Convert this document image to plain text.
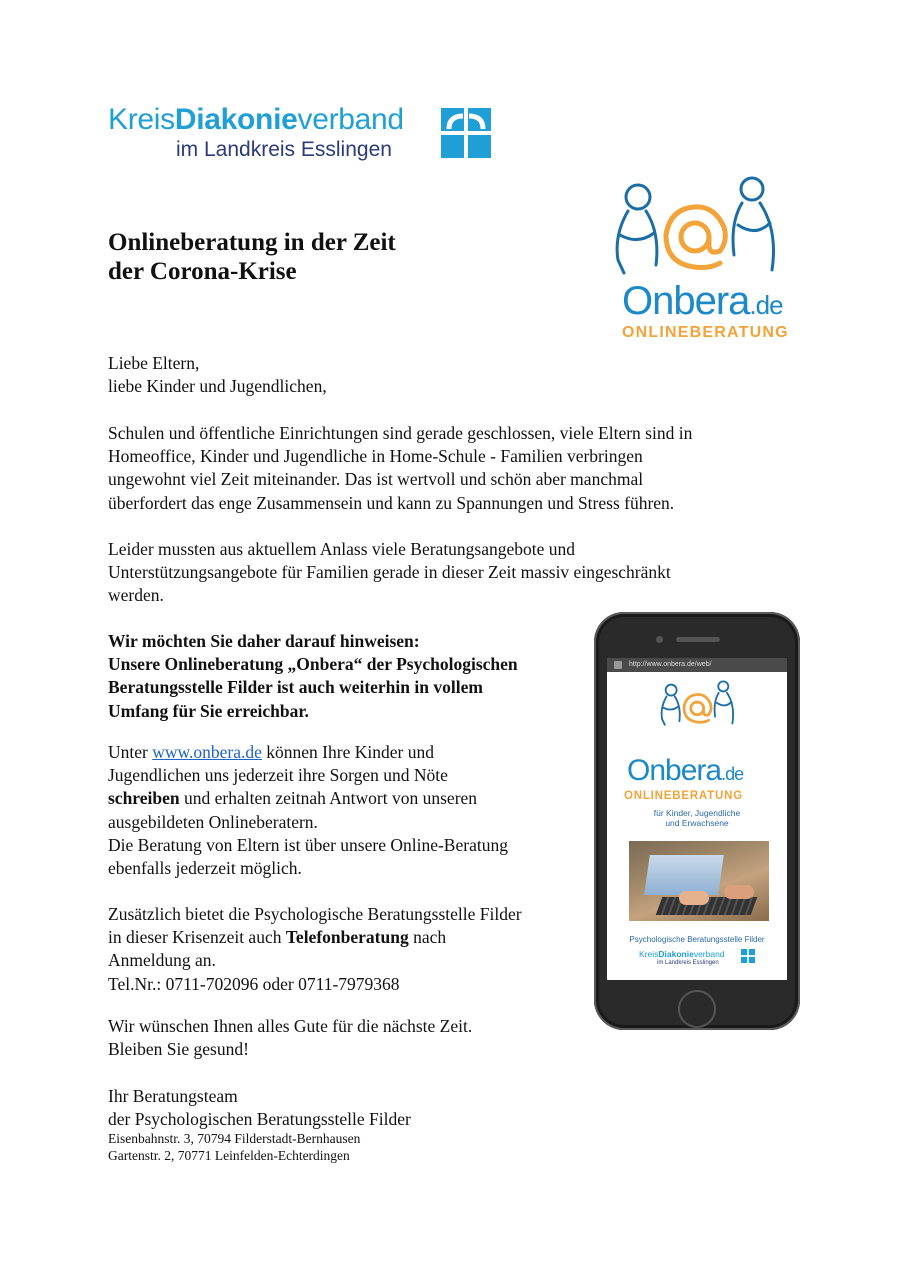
KreisDiakonieverband
im Landkreis Esslingen
Onlineberatung in der Zeit
der Corona-Krise
Onbera.de
ONLINEBERATUNG
Liebe Eltern,
liebe Kinder und Jugendlichen,
Schulen und öffentliche Einrichtungen sind gerade geschlossen, viele Eltern sind in
Homeoffice, Kinder und Jugendliche in Home-Schule - Familien verbringen
ungewohnt viel Zeit miteinander. Das ist wertvoll und schön aber manchmal
überfordert das enge Zusammensein und kann zu Spannungen und Stress führen.
Leider mussten aus aktuellem Anlass viele Beratungsangebote und
Unterstützungsangebote für Familien gerade in dieser Zeit massiv eingeschränkt
werden.
Wir möchten Sie daher darauf hinweisen:
Unsere Onlineberatung „Onbera“ der Psychologischen
Beratungsstelle Filder ist auch weiterhin in vollem
Umfang für Sie erreichbar.
Unter www.onbera.de können Ihre Kinder und
Jugendlichen uns jederzeit ihre Sorgen und Nöte
schreiben und erhalten zeitnah Antwort von unseren
ausgebildeten Onlineberatern.
Die Beratung von Eltern ist über unsere Online-Beratung
ebenfalls jederzeit möglich.
Zusätzlich bietet die Psychologische Beratungsstelle Filder
in dieser Krisenzeit auch Telefonberatung nach
Anmeldung an.
Tel.Nr.: 0711-702096 oder 0711-7979368
Wir wünschen Ihnen alles Gute für die nächste Zeit.
Bleiben Sie gesund!
Ihr Beratungsteam
der Psychologischen Beratungsstelle Filder
Eisenbahnstr. 3, 70794 Filderstadt-Bernhausen
Gartenstr. 2, 70771 Leinfelden-Echterdingen
http://www.onbera.de/web/
Onbera.de
ONLINEBERATUNG
für Kinder, Jugendliche
und Erwachsene
Psychologische Beratungsstelle Filder
KreisDiakonieverband
im Landkreis Esslingen
